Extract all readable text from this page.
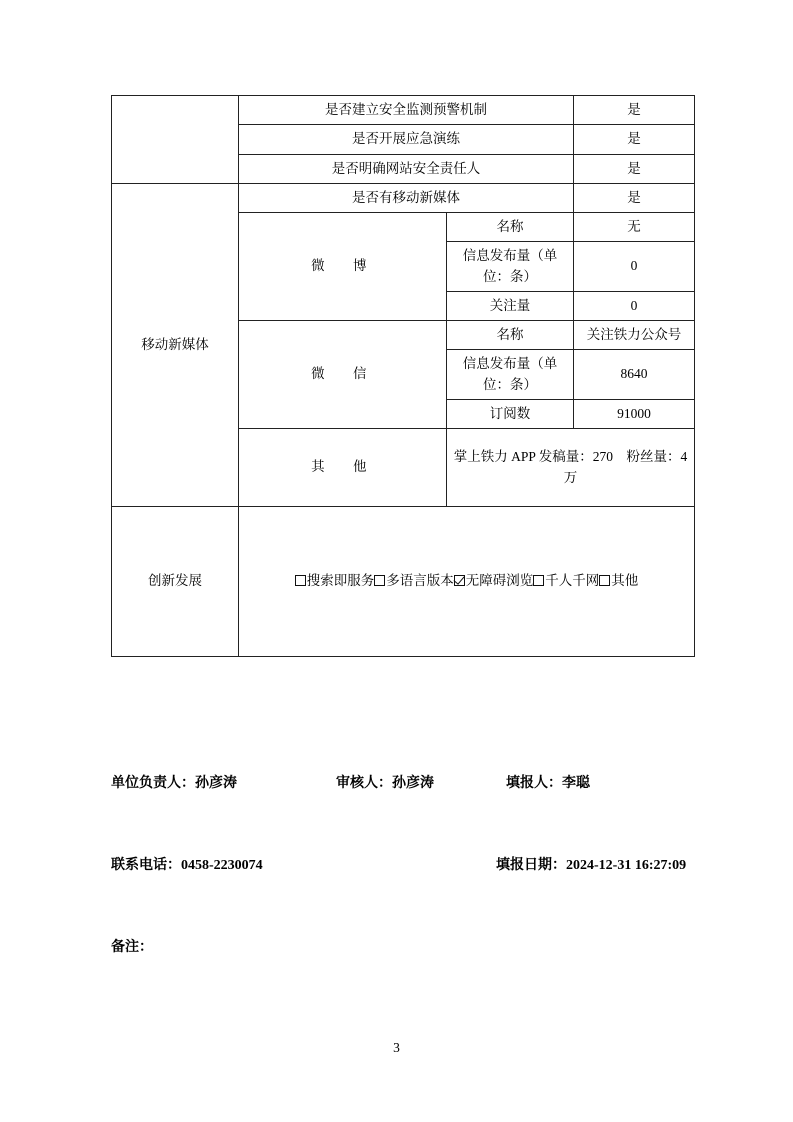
	是否建立安全监测预警机制		是
	是否开展应急演练		是
	是否明确网站安全责任人		是
移动新媒体	是否有移动新媒体		是
	微　博	名称	无
		信息发布量（单位：条）	0
		关注量	0
	微　信	名称	关注铁力公众号
		信息发布量（单位：条）	8640
		订阅数	91000
	其　他	掌上铁力 APP 发稿量：270　粉丝量：4 万	
创新发展	搜索即服务 多语言版本 无障碍浏览 千人千网 其他		
单位负责人：孙彦涛	审核人：孙彦涛	填报人：李聪
联系电话：0458-2230074	填报日期：2024-12-31 16:27:09
备注：
3
